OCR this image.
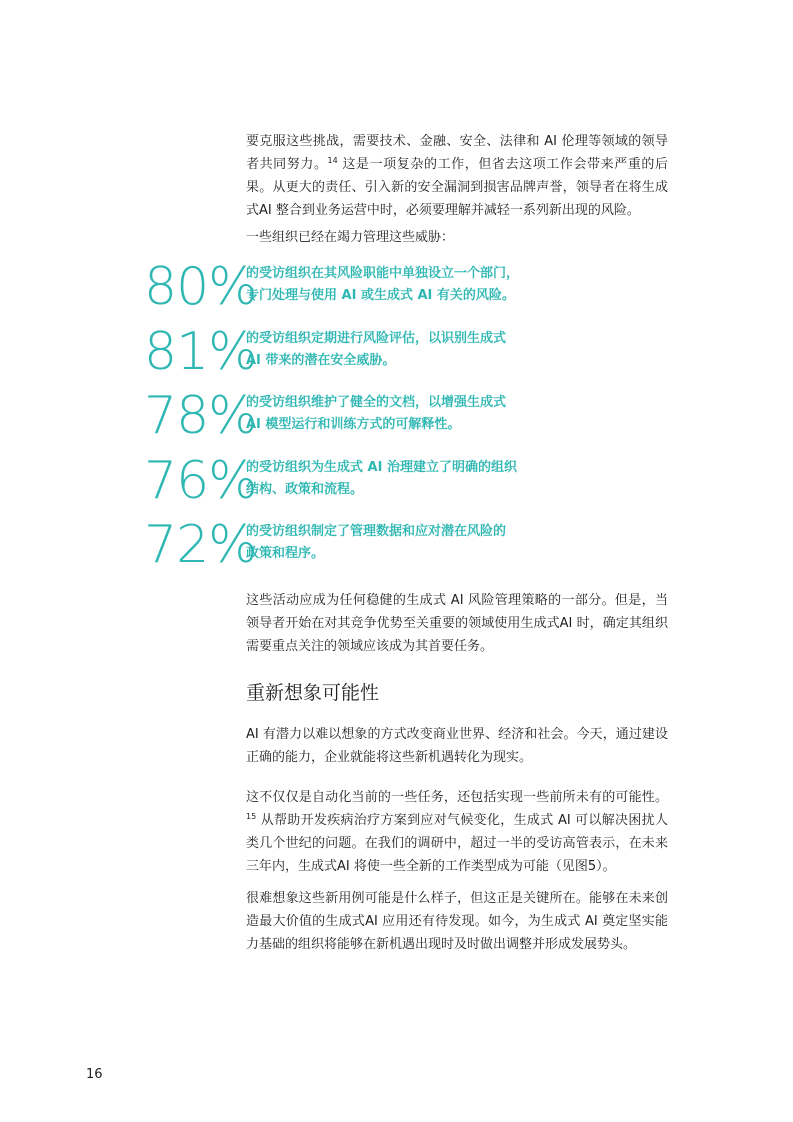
要克服这些挑战，需要技术、金融、安全、法律和 AI 伦理等领域的领导者共同努力。$^{14}$ 这是一项复杂的工作，但省去这项工作会带来严重的后果。从更大的责任、引入新的安全漏洞到损害品牌声誉，领导者在将生成式AI 整合到业务运营中时，必须要理解并减轻一系列新出现的风险。

一些组织已经在竭力管理这些威胁：

80%

的受访组织在其风险职能中单独设立一个部门，
专门处理与使用 AI 或生成式 AI 有关的风险。

81%

的受访组织定期进行风险评估，以识别生成式
AI 带来的潜在安全威胁。

78%

的受访组织维护了健全的文档，以增强生成式
AI 模型运行和训练方式的可解释性。

76%

的受访组织为生成式 AI 治理建立了明确的组织
结构、政策和流程。

72%

的受访组织制定了管理数据和应对潜在风险的
政策和程序。

这些活动应成为任何稳健的生成式 AI 风险管理策略的一部分。但是，当领导者开始在对其竞争优势至关重要的领域使用生成式AI 时，确定其组织需要重点关注的领域应该成为其首要任务。

重新想象可能性

AI 有潜力以难以想象的方式改变商业世界、经济和社会。今天，通过建设正确的能力，企业就能将这些新机遇转化为现实。

这不仅仅是自动化当前的一些任务，还包括实现一些前所未有的可能性。$^{15}$ 从帮助开发疾病治疗方案到应对气候变化，生成式 AI 可以解决困扰人类几个世纪的问题。在我们的调研中，超过一半的受访高管表示，在未来三年内，生成式AI 将使一些全新的工作类型成为可能（见图5）。

很难想象这些新用例可能是什么样子，但这正是关键所在。能够在未来创造最大价值的生成式AI 应用还有待发现。如今，为生成式 AI 奠定坚实能力基础的组织将能够在新机遇出现时及时做出调整并形成发展势头。

16
